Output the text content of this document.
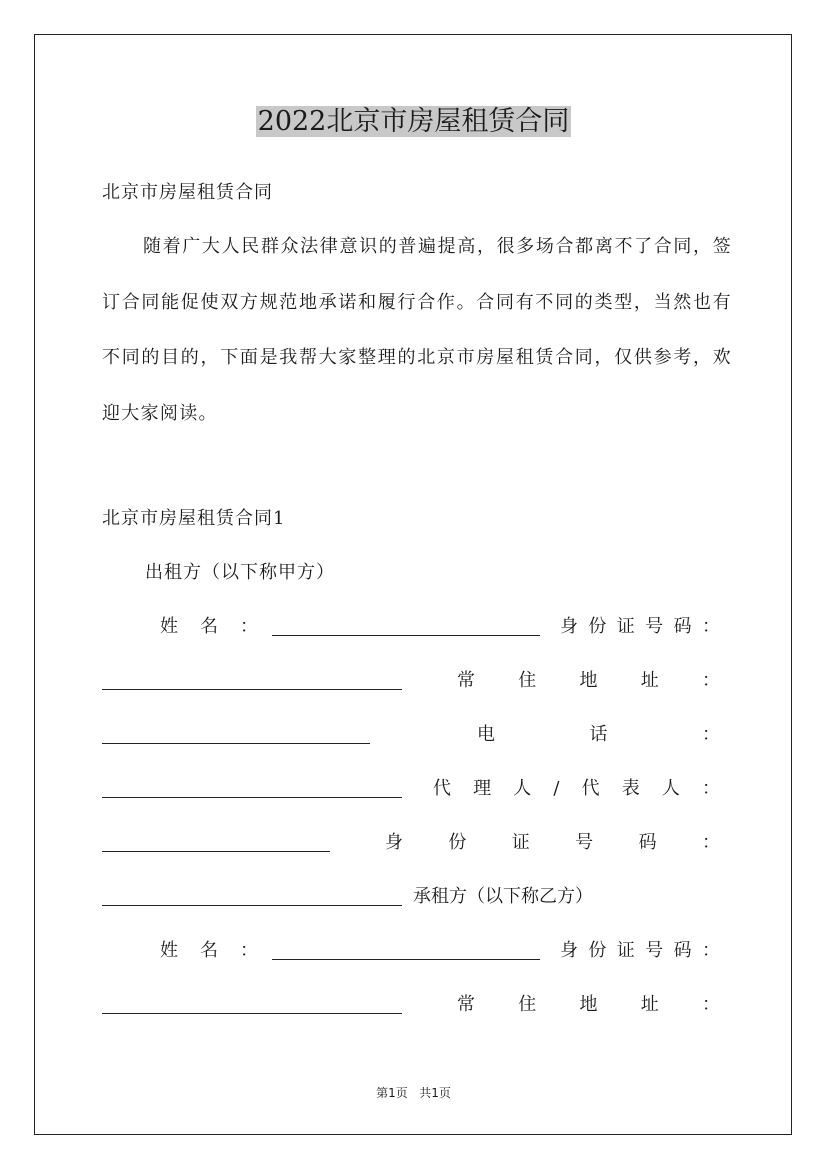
2022北京市房屋租赁合同
北京市房屋租赁合同
随着广大人民群众法律意识的普遍提高，很多场合都离不了合同，签订合同能促使双方规范地承诺和履行合作。合同有不同的类型，当然也有不同的目的，下面是我帮大家整理的北京市房屋租赁合同，仅供参考，欢迎大家阅读。
北京市房屋租赁合同1
出租方（以下称甲方）
姓 名 ：	身 份 证 号 码 ：
常 住 地 址 ：
电	话	：
代 理 人 / 代 表 人 ：
身	份	证	号	码	：
承租方（以下称乙方）
姓 名 ：	身 份 证 号 码 ：
常 住 地 址 ：
第1页 共1页
